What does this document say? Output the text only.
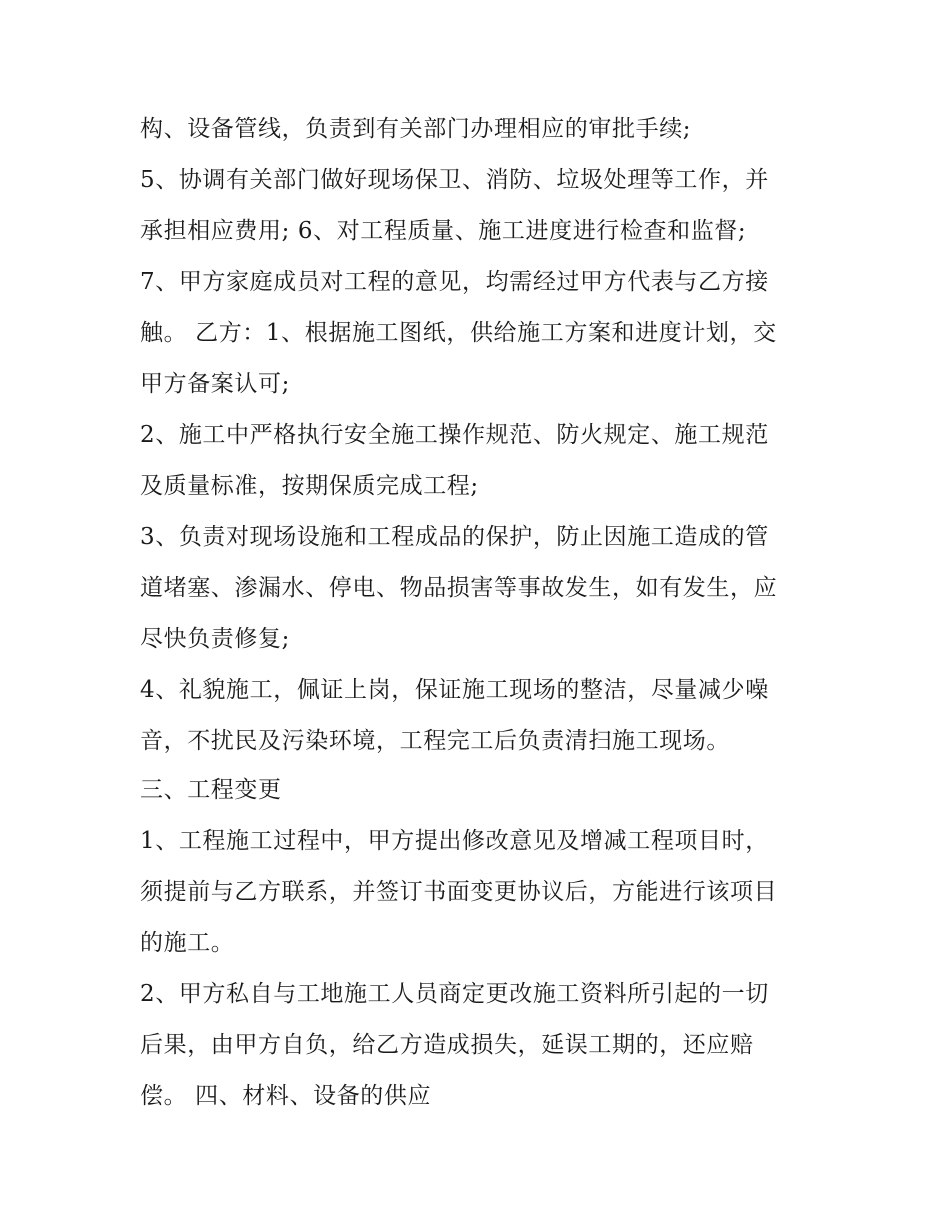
构、设备管线，负责到有关部门办理相应的审批手续;
5、协调有关部门做好现场保卫、消防、垃圾处理等工作，并
承担相应费用; 6、对工程质量、施工进度进行检查和监督;
7、甲方家庭成员对工程的意见，均需经过甲方代表与乙方接
触。 乙方：1、根据施工图纸，供给施工方案和进度计划，交
甲方备案认可;
2、施工中严格执行安全施工操作规范、防火规定、施工规范
及质量标准，按期保质完成工程;
3、负责对现场设施和工程成品的保护，防止因施工造成的管
道堵塞、渗漏水、停电、物品损害等事故发生，如有发生，应
尽快负责修复;
4、礼貌施工，佩证上岗，保证施工现场的整洁，尽量减少噪
音，不扰民及污染环境，工程完工后负责清扫施工现场。
三、工程变更
1、工程施工过程中，甲方提出修改意见及增减工程项目时，
须提前与乙方联系，并签订书面变更协议后，方能进行该项目
的施工。
2、甲方私自与工地施工人员商定更改施工资料所引起的一切
后果，由甲方自负，给乙方造成损失，延误工期的，还应赔
偿。 四、材料、设备的供应
